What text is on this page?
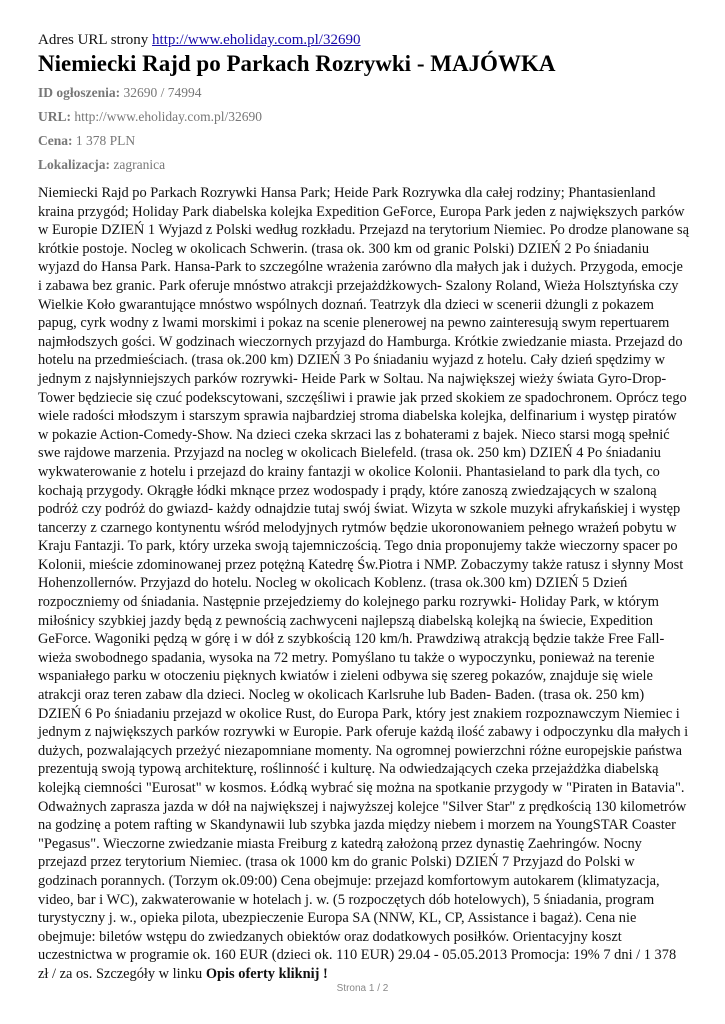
Adres URL strony http://www.eholiday.com.pl/32690

Niemiecki Rajd po Parkach Rozrywki - MAJÓWKA

ID ogłoszenia: 32690 / 74994

URL: http://www.eholiday.com.pl/32690

Cena: 1 378 PLN

Lokalizacja: zagranica

Niemiecki Rajd po Parkach Rozrywki Hansa Park; Heide Park Rozrywka dla całej rodziny; Phantasienland kraina przygód; Holiday Park diabelska kolejka Expedition GeForce, Europa Park jeden z największych parków w Europie DZIEŃ 1 Wyjazd z Polski według rozkładu. Przejazd na terytorium Niemiec. Po drodze planowane są krótkie postoje. Nocleg w okolicach Schwerin. (trasa ok. 300 km od granic Polski) DZIEŃ 2 Po śniadaniu wyjazd do Hansa Park. Hansa-Park to szczególne wrażenia zarówno dla małych jak i dużych. Przygoda, emocje i zabawa bez granic. Park oferuje mnóstwo atrakcji przejażdżkowych- Szalony Roland, Wieża Holsztyńska czy Wielkie Koło gwarantujące mnóstwo wspólnych doznań. Teatrzyk dla dzieci w scenerii dżungli z pokazem papug, cyrk wodny z lwami morskimi i pokaz na scenie plenerowej na pewno zainteresują swym repertuarem najmłodszych gości. W godzinach wieczornych przyjazd do Hamburga. Krótkie zwiedzanie miasta. Przejazd do hotelu na przedmieściach. (trasa ok.200 km) DZIEŃ 3 Po śniadaniu wyjazd z hotelu. Cały dzień spędzimy w jednym z najsłynniejszych parków rozrywki- Heide Park w Soltau. Na największej wieży świata Gyro-Drop-Tower będziecie się czuć podekscytowani, szczęśliwi i prawie jak przed skokiem ze spadochronem. Oprócz tego wiele radości młodszym i starszym sprawia najbardziej stroma diabelska kolejka, delfinarium i występ piratów w pokazie Action-Comedy-Show. Na dzieci czeka skrzaci las z bohaterami z bajek. Nieco starsi mogą spełnić swe rajdowe marzenia. Przyjazd na nocleg w okolicach Bielefeld. (trasa ok. 250 km) DZIEŃ 4 Po śniadaniu wykwaterowanie z hotelu i przejazd do krainy fantazji w okolice Kolonii. Phantasieland to park dla tych, co kochają przygody. Okrągłe łódki mknące przez wodospady i prądy, które zanoszą zwiedzających w szaloną podróż czy podróż do gwiazd- każdy odnajdzie tutaj swój świat. Wizyta w szkole muzyki afrykańskiej i występ tancerzy z czarnego kontynentu wśród melodyjnych rytmów będzie ukoronowaniem pełnego wrażeń pobytu w Kraju Fantazji. To park, który urzeka swoją tajemniczością. Tego dnia proponujemy także wieczorny spacer po Kolonii, mieście zdominowanej przez potężną Katedrę Św.Piotra i NMP. Zobaczymy także ratusz i słynny Most Hohenzollernów. Przyjazd do hotelu. Nocleg w okolicach Koblenz. (trasa ok.300 km) DZIEŃ 5 Dzień rozpoczniemy od śniadania. Następnie przejedziemy do kolejnego parku rozrywki- Holiday Park, w którym miłośnicy szybkiej jazdy będą z pewnością zachwyceni najlepszą diabelską kolejką na świecie, Expedition GeForce. Wagoniki pędzą w górę i w dół z szybkością 120 km/h. Prawdziwą atrakcją będzie także Free Fall- wieża swobodnego spadania, wysoka na 72 metry. Pomyślano tu także o wypoczynku, ponieważ na terenie wspaniałego parku w otoczeniu pięknych kwiatów i zieleni odbywa się szereg pokazów, znajduje się wiele atrakcji oraz teren zabaw dla dzieci. Nocleg w okolicach Karlsruhe lub Baden- Baden. (trasa ok. 250 km) DZIEŃ 6 Po śniadaniu przejazd w okolice Rust, do Europa Park, który jest znakiem rozpoznawczym Niemiec i jednym z największych parków rozrywki w Europie. Park oferuje każdą ilość zabawy i odpoczynku dla małych i dużych, pozwalających przeżyć niezapomniane momenty. Na ogromnej powierzchni różne europejskie państwa prezentują swoją typową architekturę, roślinność i kulturę. Na odwiedzających czeka przejażdżka diabelską kolejką ciemności "Eurosat" w kosmos. Łódką wybrać się można na spotkanie przygody w "Piraten in Batavia". Odważnych zaprasza jazda w dół na największej i najwyższej kolejce "Silver Star" z prędkością 130 kilometrów na godzinę a potem rafting w Skandynawii lub szybka jazda między niebem i morzem na YoungSTAR Coaster "Pegasus". Wieczorne zwiedzanie miasta Freiburg z katedrą założoną przez dynastię Zaehringów. Nocny przejazd przez terytorium Niemiec. (trasa ok 1000 km do granic Polski) DZIEŃ 7 Przyjazd do Polski w godzinach porannych. (Torzym ok.09:00) Cena obejmuje: przejazd komfortowym autokarem (klimatyzacja, video, bar i WC), zakwaterowanie w hotelach j. w. (5 rozpoczętych dób hotelowych), 5 śniadania, program turystyczny j. w., opieka pilota, ubezpieczenie Europa SA (NNW, KL, CP, Assistance i bagaż). Cena nie obejmuje: biletów wstępu do zwiedzanych obiektów oraz dodatkowych posiłków. Orientacyjny koszt uczestnictwa w programie ok. 160 EUR (dzieci ok. 110 EUR) 29.04 - 05.05.2013 Promocja: 19% 7 dni / 1 378 zł / za os. Szczegóły w linku Opis oferty kliknij !
Strona 1 / 2
